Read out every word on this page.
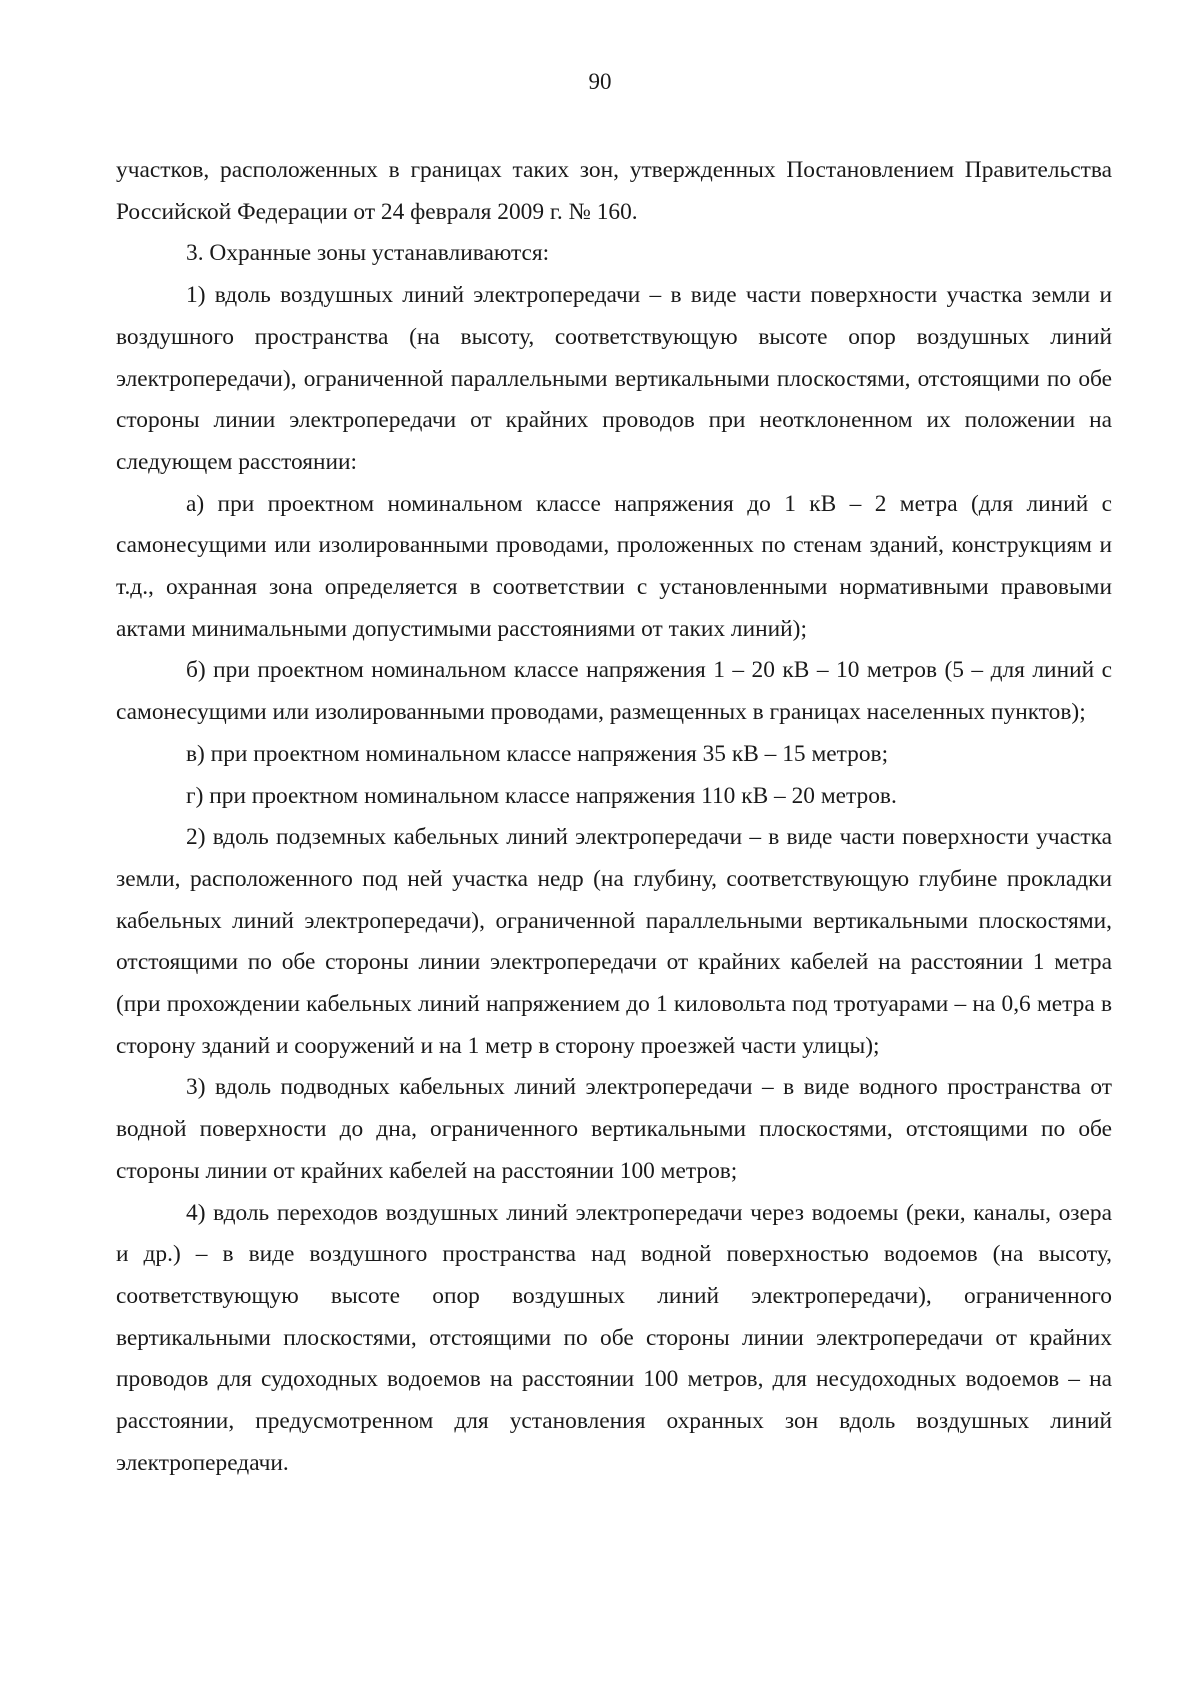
90

участков, расположенных в границах таких зон, утвержденных Постановлением Правительства Российской Федерации от 24 февраля 2009 г. № 160.

3. Охранные зоны устанавливаются:

1) вдоль воздушных линий электропередачи – в виде части поверхности участка земли и воздушного пространства (на высоту, соответствующую высоте опор воздушных линий электропередачи), ограниченной параллельными вертикальными плоскостями, отстоящими по обе стороны линии электропередачи от крайних проводов при неотклоненном их положении на следующем расстоянии:

а) при проектном номинальном классе напряжения до 1 кВ – 2 метра (для линий с самонесущими или изолированными проводами, проложенных по стенам зданий, конструкциям и т.д., охранная зона определяется в соответствии с установленными нормативными правовыми актами минимальными допустимыми расстояниями от таких линий);

б) при проектном номинальном классе напряжения 1 – 20 кВ – 10 метров (5 – для линий с самонесущими или изолированными проводами, размещенных в границах населенных пунктов);

в) при проектном номинальном классе напряжения 35 кВ – 15 метров;

г) при проектном номинальном классе напряжения 110 кВ – 20 метров.

2) вдоль подземных кабельных линий электропередачи – в виде части поверхности участка земли, расположенного под ней участка недр (на глубину, соответствующую глубине прокладки кабельных линий электропередачи), ограниченной параллельными вертикальными плоскостями, отстоящими по обе стороны линии электропередачи от крайних кабелей на расстоянии 1 метра (при прохождении кабельных линий напряжением до 1 киловольта под тротуарами – на 0,6 метра в сторону зданий и сооружений и на 1 метр в сторону проезжей части улицы);

3) вдоль подводных кабельных линий электропередачи – в виде водного пространства от водной поверхности до дна, ограниченного вертикальными плоскостями, отстоящими по обе стороны линии от крайних кабелей на расстоянии 100 метров;

4) вдоль переходов воздушных линий электропередачи через водоемы (реки, каналы, озера и др.) – в виде воздушного пространства над водной поверхностью водоемов (на высоту, соответствующую высоте опор воздушных линий электропередачи), ограниченного вертикальными плоскостями, отстоящими по обе стороны линии электропередачи от крайних проводов для судоходных водоемов на расстоянии 100 метров, для несудоходных водоемов – на расстоянии, предусмотренном для установления охранных зон вдоль воздушных линий электропередачи.
